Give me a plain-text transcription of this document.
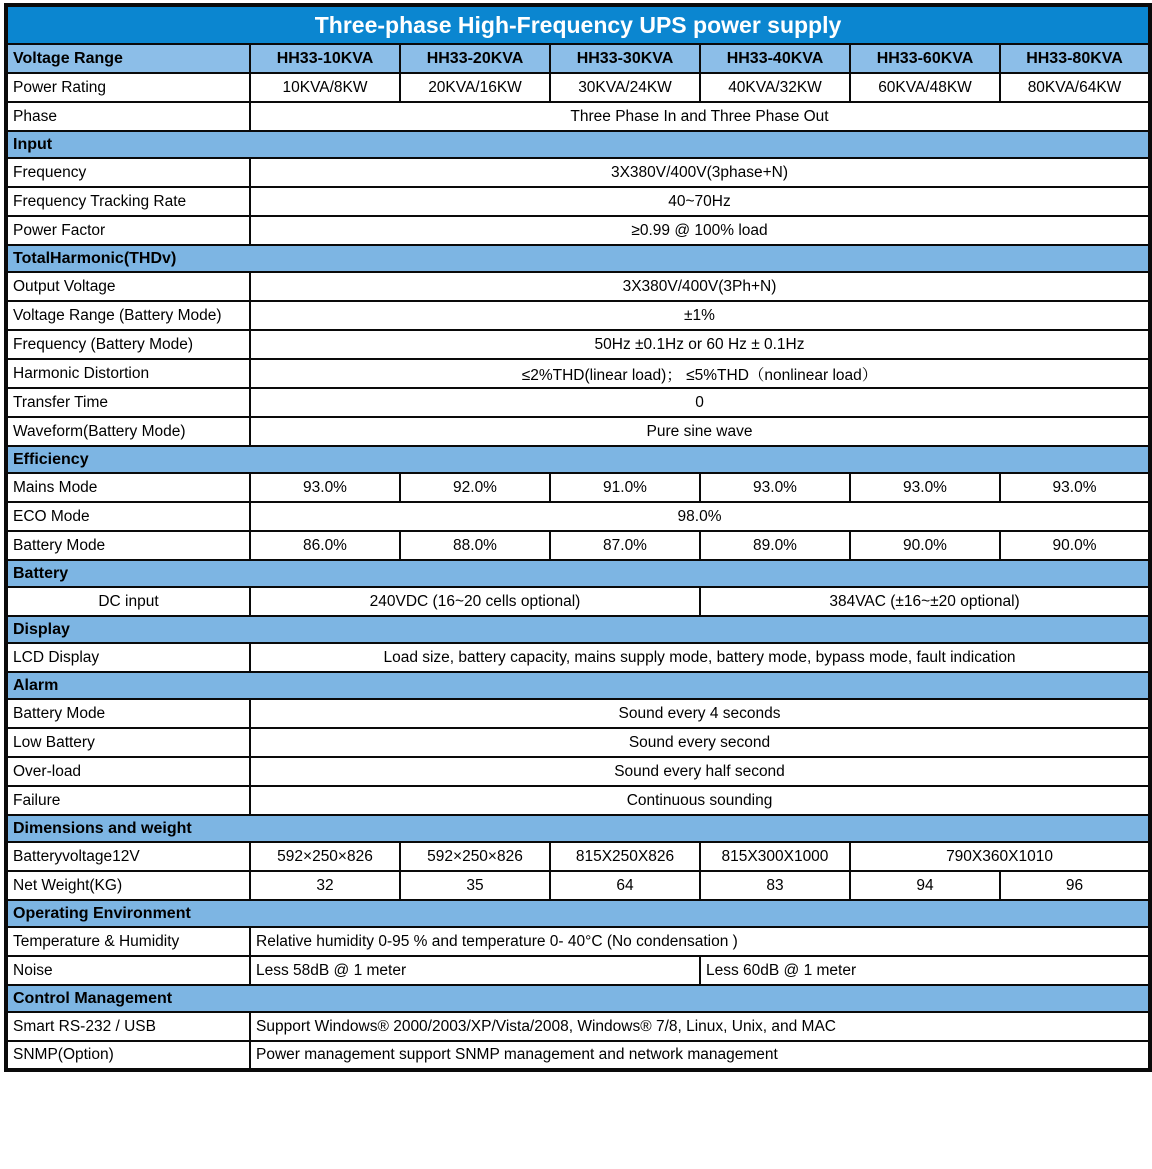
Three-phase High-Frequency UPS power supply						
Voltage Range	HH33-10KVA	HH33-20KVA	HH33-30KVA	HH33-40KVA	HH33-60KVA	HH33-80KVA
Power Rating	10KVA/8KW	20KVA/16KW	30KVA/24KW	40KVA/32KW	60KVA/48KW	80KVA/64KW
Phase	Three Phase In and Three Phase Out					
Input						
Frequency	3X380V/400V(3phase+N)					
Frequency Tracking Rate	40~70Hz					
Power Factor	≥0.99 @ 100% load					
TotalHarmonic(THDv)						
Output Voltage	3X380V/400V(3Ph+N)					
Voltage Range (Battery Mode)	±1%					
Frequency (Battery Mode)	50Hz ±0.1Hz or 60 Hz ± 0.1Hz					
Harmonic Distortion	≤2%THD(linear load)； ≤5%THD（nonlinear load）					
Transfer Time	0					
Waveform(Battery Mode)	Pure sine wave					
Efficiency						
Mains Mode	93.0%	92.0%	91.0%	93.0%	93.0%	93.0%
ECO Mode	98.0%					
Battery Mode	86.0%	88.0%	87.0%	89.0%	90.0%	90.0%
Battery						
DC input	240VDC (16~20 cells optional)			384VAC (±16~±20 optional)		
Display						
LCD Display	Load size, battery capacity, mains supply mode, battery mode, bypass mode, fault indication					
Alarm						
Battery Mode	Sound every 4 seconds					
Low Battery	Sound every second					
Over-load	Sound every half second					
Failure	Continuous sounding					
Dimensions and weight						
Batteryvoltage12V	592×250×826	592×250×826	815X250X826	815X300X1000	790X360X1010	
Net Weight(KG)	32	35	64	83	94	96
Operating Environment						
Temperature & Humidity	Relative humidity 0-95 % and temperature 0- 40°C (No condensation )					
Noise	Less 58dB @ 1 meter			Less 60dB @ 1 meter		
Control Management						
Smart RS-232 / USB	Support Windows® 2000/2003/XP/Vista/2008, Windows® 7/8, Linux, Unix, and MAC					
SNMP(Option)	Power management support SNMP management and network management					
